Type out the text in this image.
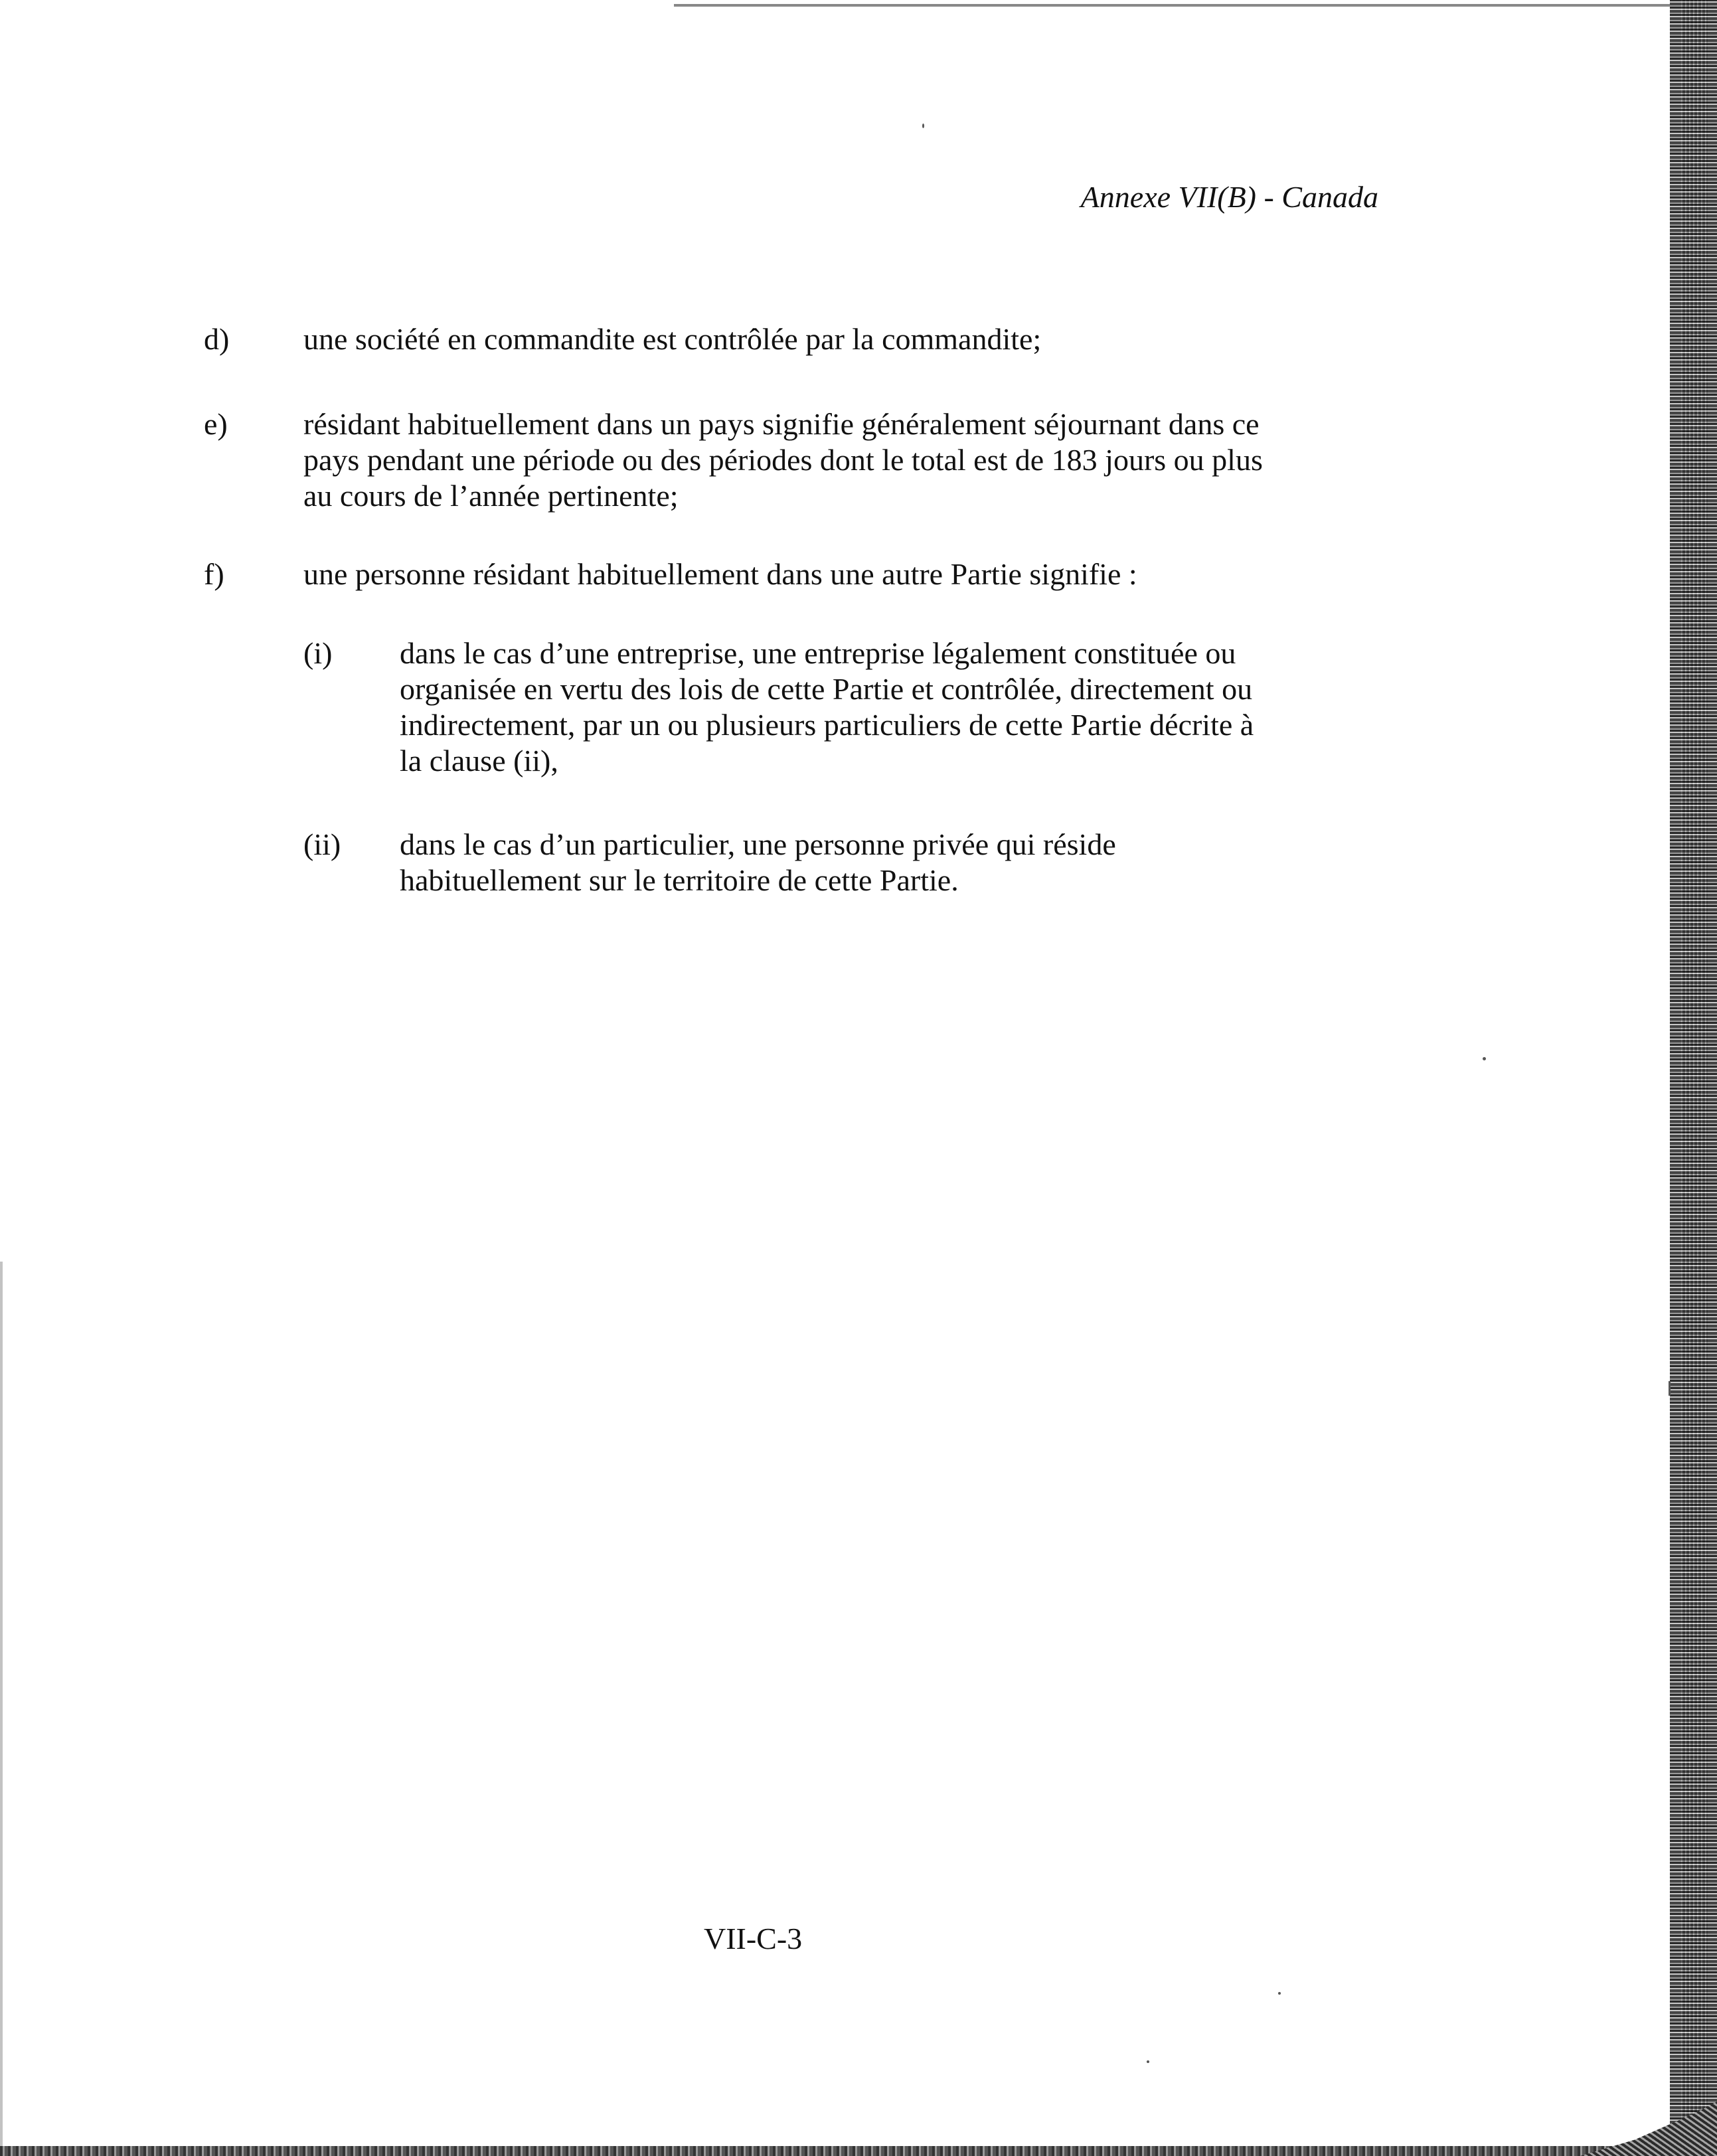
Annexe VII(B) - Canada
d) une société en commandite est contrôlée par la commandite;
e) résidant habituellement dans un pays signifie généralement séjournant dans ce
pays pendant une période ou des périodes dont le total est de 183 jours ou plus
au cours de l’année pertinente;
f)	une personne résidant habituellement dans une autre Partie signifie :
(i) dans le cas d’une entreprise, une entreprise légalement constituée ou
organisée en vertu des lois de cette Partie et contrôlée, directement ou
indirectement, par un ou plusieurs particuliers de cette Partie décrite à
la clause (ii),
(ii) dans le cas d’un particulier, une personne privée qui réside
habituellement sur le territoire de cette Partie.
VII-C-3
